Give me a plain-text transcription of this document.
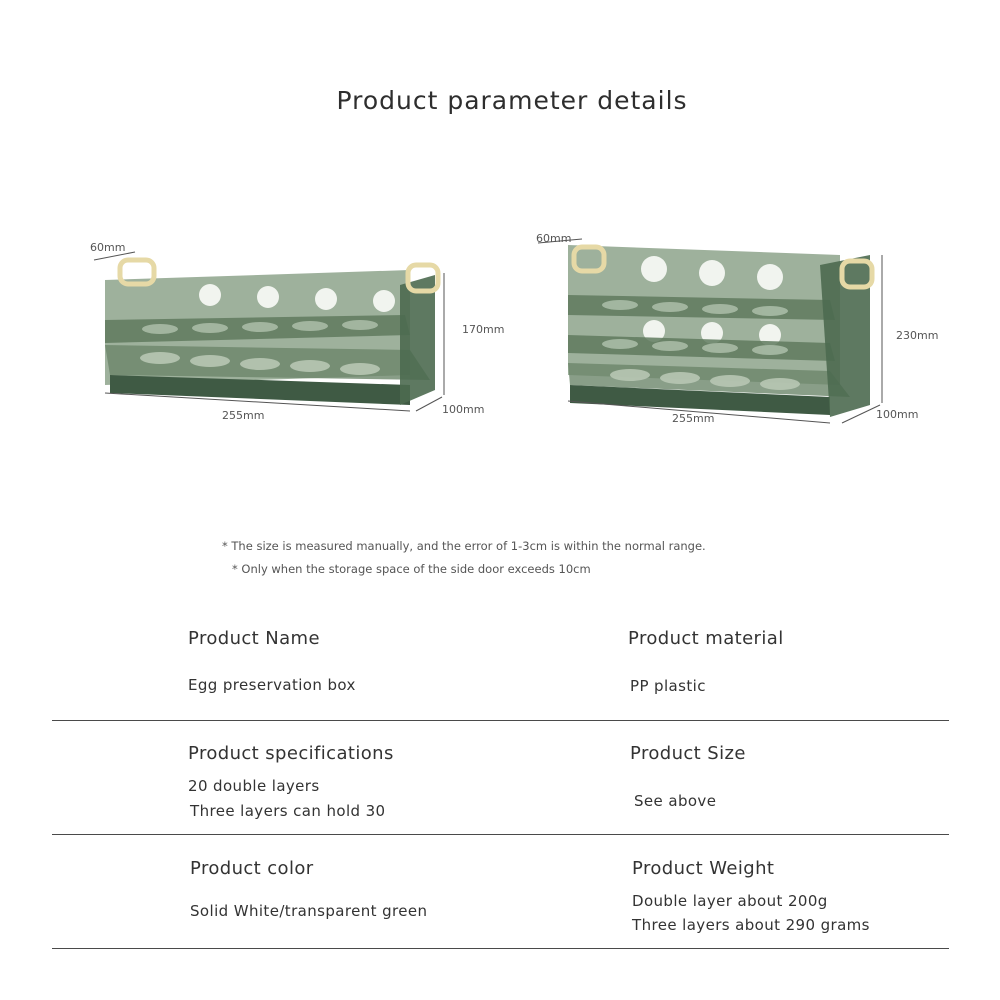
Product parameter details
60mm
170mm
255mm	100mm
60mm
230mm
255mm	100mm
* The size is measured manually, and the error of 1-3cm is within the normal range.
* Only when the storage space of the side door exceeds 10cm
Product Name
Egg preservation box
Product material
PP plastic
Product specifications
20 double layers
Three layers can hold 30
Product Size
See above
Product color
Solid White/transparent green
Product Weight
Double layer about 200g
Three layers about 290 grams
